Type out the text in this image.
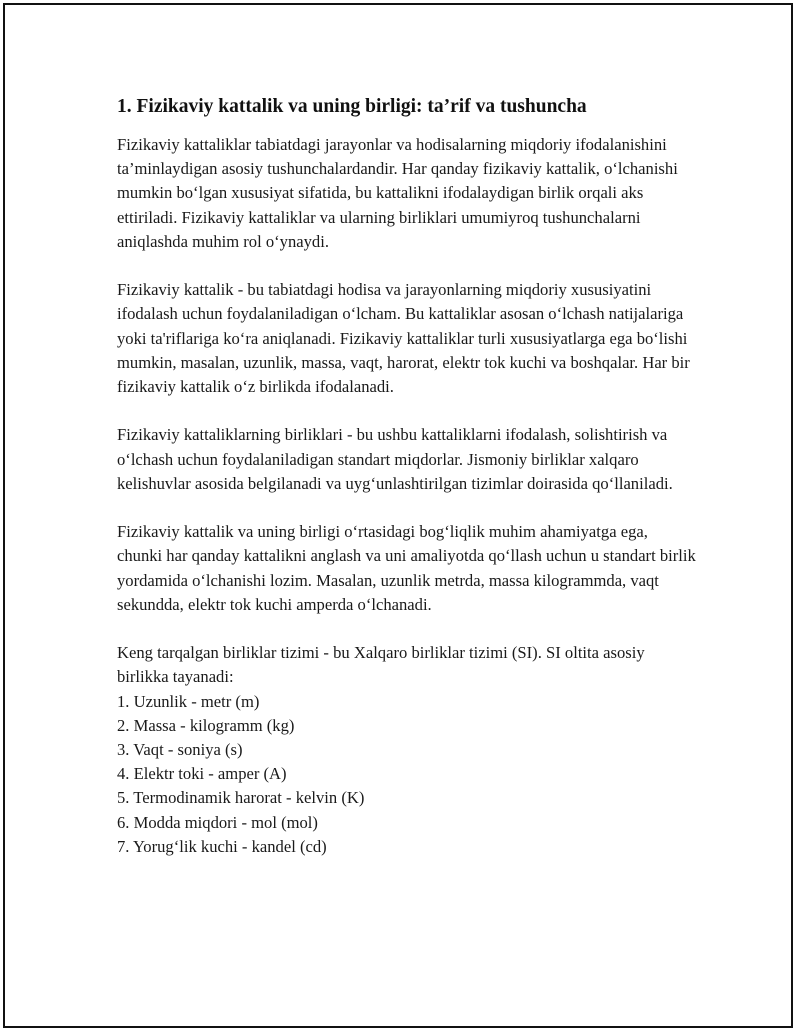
1. Fizikaviy kattalik va uning birligi: ta’rif va tushuncha

Fizikaviy kattaliklar tabiatdagi jarayonlar va hodisalarning miqdoriy ifodalanishini ta’minlaydigan asosiy tushunchalardandir. Har qanday fizikaviy kattalik, o‘lchanishi mumkin bo‘lgan xususiyat sifatida, bu kattalikni ifodalaydigan birlik orqali aks ettiriladi. Fizikaviy kattaliklar va ularning birliklari umumiyroq tushunchalarni aniqlashda muhim rol o‘ynaydi.

Fizikaviy kattalik - bu tabiatdagi hodisa va jarayonlarning miqdoriy xususiyatini ifodalash uchun foydalaniladigan o‘lcham. Bu kattaliklar asosan o‘lchash natijalariga yoki ta'riflariga ko‘ra aniqlanadi. Fizikaviy kattaliklar turli xususiyatlarga ega bo‘lishi mumkin, masalan, uzunlik, massa, vaqt, harorat, elektr tok kuchi va boshqalar. Har bir fizikaviy kattalik o‘z birlikda ifodalanadi.

Fizikaviy kattaliklarning birliklari - bu ushbu kattaliklarni ifodalash, solishtirish va o‘lchash uchun foydalaniladigan standart miqdorlar. Jismoniy birliklar xalqaro kelishuvlar asosida belgilanadi va uyg‘unlashtirilgan tizimlar doirasida qo‘llaniladi.

Fizikaviy kattalik va uning birligi o‘rtasidagi bog‘liqlik muhim ahamiyatga ega, chunki har qanday kattalikni anglash va uni amaliyotda qo‘llash uchun u standart birlik yordamida o‘lchanishi lozim. Masalan, uzunlik metrda, massa kilogrammda, vaqt sekundda, elektr tok kuchi amperda o‘lchanadi.

Keng tarqalgan birliklar tizimi - bu Xalqaro birliklar tizimi (SI). SI oltita asosiy birlikka tayanadi:

1. Uzunlik - metr (m)
2. Massa - kilogramm (kg)
3. Vaqt - soniya (s)
4. Elektr toki - amper (A)
5. Termodinamik harorat - kelvin (K)
6. Modda miqdori - mol (mol)
7. Yorug‘lik kuchi - kandel (cd)
